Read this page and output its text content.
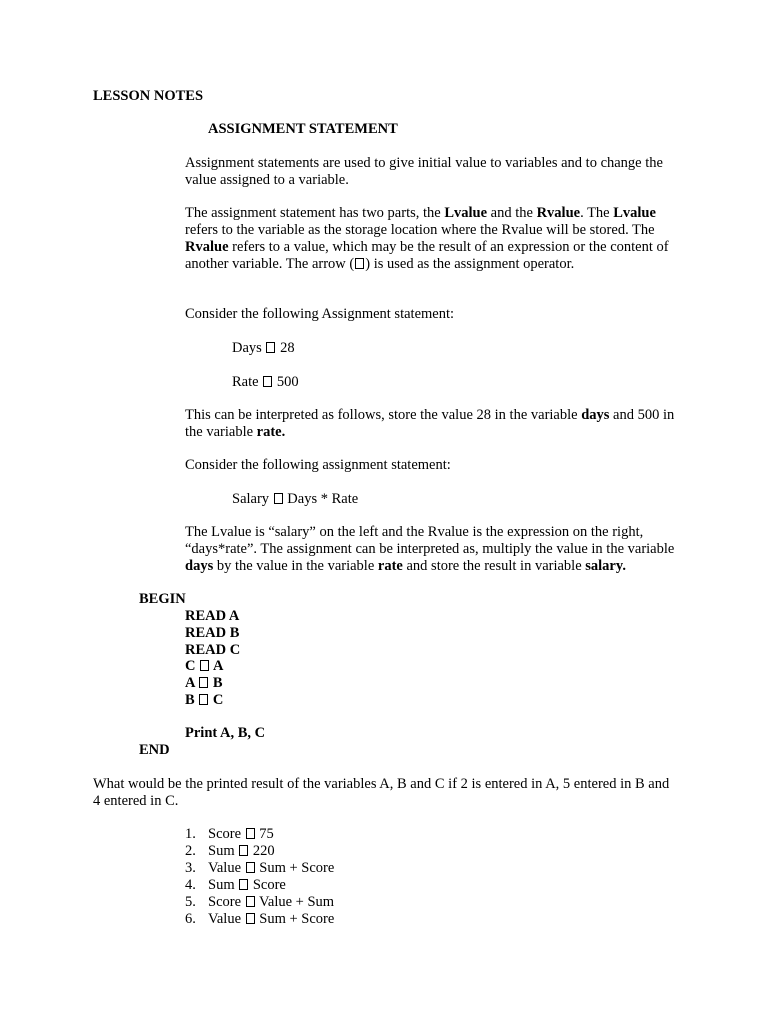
LESSON NOTES
ASSIGNMENT STATEMENT
Assignment statements are used to give initial value to variables and to change the value assigned to a variable.
The assignment statement has two parts, the Lvalue and the Rvalue. The Lvalue refers to the variable as the storage location where the Rvalue will be stored. The Rvalue refers to a value, which may be the result of an expression or the content of another variable. The arrow ( ) is used as the assignment operator.
Consider the following Assignment statement:
Days 28
Rate 500
This can be interpreted as follows, store the value 28 in the variable days and 500 in the variable rate.
Consider the following assignment statement:
Salary Days * Rate
The Lvalue is “salary” on the left and the Rvalue is the expression on the right, “days*rate”. The assignment can be interpreted as, multiply the value in the variable days by the value in the variable rate and store the result in variable salary.
BEGIN
READ A
READ B
READ C
C A
A B
B C
Print A, B, C
END
What would be the printed result of the variables A, B and C if 2 is entered in A, 5 entered in B and 4 entered in C.
1. Score 75
2. Sum 220
3. Value Sum + Score
4. Sum Score
5. Score Value + Sum
6. Value Sum + Score
